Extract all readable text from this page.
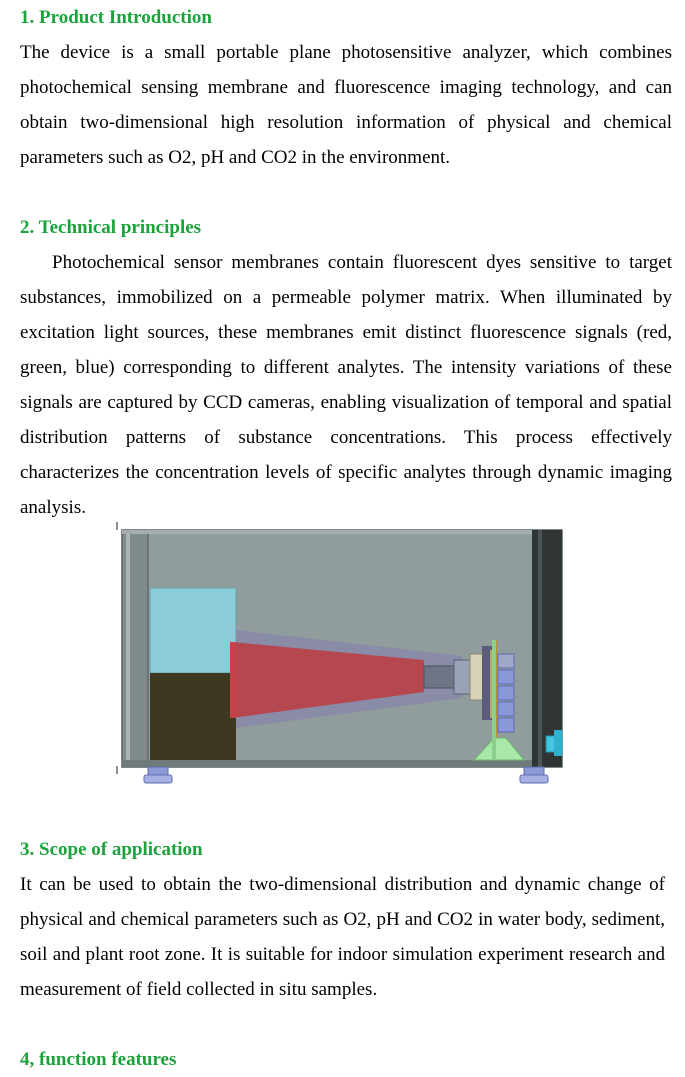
1. Product Introduction

The device is a small portable plane photosensitive analyzer, which combines photochemical sensing membrane and fluorescence imaging technology, and can obtain two-dimensional high resolution information of physical and chemical parameters such as O2, pH and CO2 in the environment.

2. Technical principles

Photochemical sensor membranes contain fluorescent dyes sensitive to target substances, immobilized on a permeable polymer matrix. When illuminated by excitation light sources, these membranes emit distinct fluorescence signals (red, green, blue) corresponding to different analytes. The intensity variations of these signals are captured by CCD cameras, enabling visualization of temporal and spatial distribution patterns of substance concentrations. This process effectively characterizes the concentration levels of specific analytes through dynamic imaging analysis.

3. Scope of application

It can be used to obtain the two-dimensional distribution and dynamic change of physical and chemical parameters such as O2, pH and CO2 in water body, sediment, soil and plant root zone. It is suitable for indoor simulation experiment research and measurement of field collected in situ samples.

4, function features
